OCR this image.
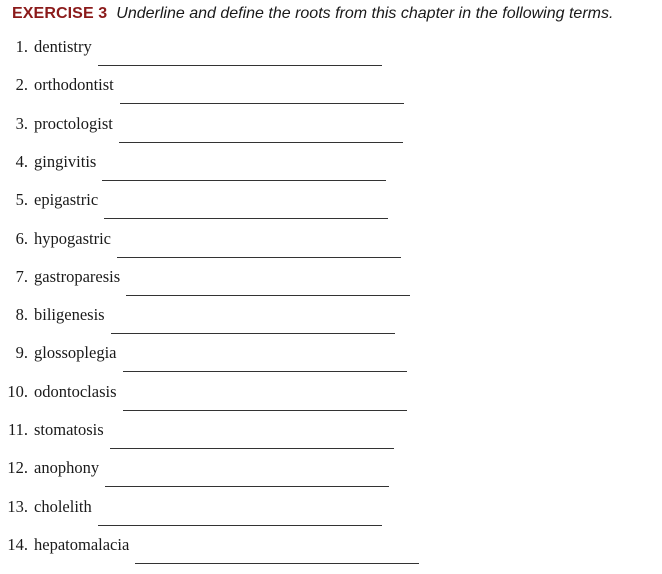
EXERCISE 3 Underline and define the roots from this chapter in the following terms.
1. dentistry
2. orthodontist
3. proctologist
4. gingivitis
5. epigastric
6. hypogastric
7. gastroparesis
8. biligenesis
9. glossoplegia
10. odontoclasis
11. stomatosis
12. anophony
13. cholelith
14. hepatomalacia
